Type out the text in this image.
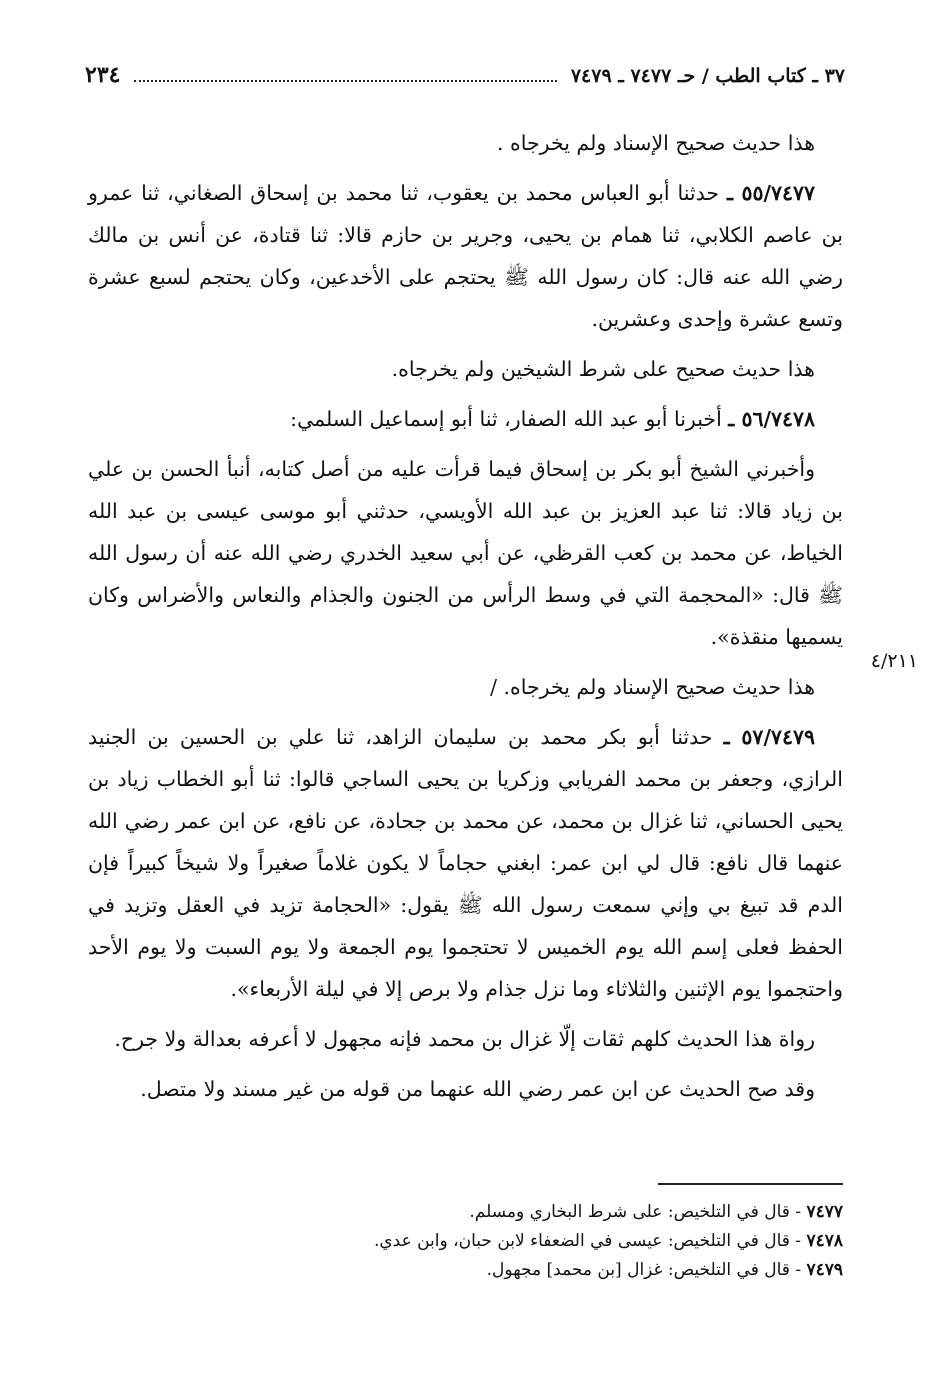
٣٧ ـ كتاب الطب / حـ ٧٤٧٧ ـ ٧٤٧٩
٢٣٤
٤/٢١١

هذا حديث صحيح الإسناد ولم يخرجاه .

٥٥/٧٤٧٧ ـ حدثنا أبو العباس محمد بن يعقوب، ثنا محمد بن إسحاق الصغاني، ثنا عمرو بن عاصم الكلابي، ثنا همام بن يحيى، وجرير بن حازم قالا: ثنا قتادة، عن أنس بن مالك رضي الله عنه قال: كان رسول الله ﷺ يحتجم على الأخدعين، وكان يحتجم لسبع عشرة وتسع عشرة وإحدى وعشرين.

هذا حديث صحيح على شرط الشيخين ولم يخرجاه.

٥٦/٧٤٧٨ ـ أخبرنا أبو عبد الله الصفار، ثنا أبو إسماعيل السلمي:

وأخبرني الشيخ أبو بكر بن إسحاق فيما قرأت عليه من أصل كتابه، أنبأ الحسن بن علي بن زياد قالا: ثنا عبد العزيز بن عبد الله الأويسي، حدثني أبو موسى عيسى بن عبد الله الخياط، عن محمد بن كعب القرظي، عن أبي سعيد الخدري رضي الله عنه أن رسول الله ﷺ قال: «المحجمة التي في وسط الرأس من الجنون والجذام والنعاس والأضراس وكان يسميها منقذة».

هذا حديث صحيح الإسناد ولم يخرجاه. /

٥٧/٧٤٧٩ ـ حدثنا أبو بكر محمد بن سليمان الزاهد، ثنا علي بن الحسين بن الجنيد الرازي، وجعفر بن محمد الفريابي وزكريا بن يحيى الساجي قالوا: ثنا أبو الخطاب زياد بن يحيى الحساني، ثنا غزال بن محمد، عن محمد بن جحادة، عن نافع، عن ابن عمر رضي الله عنهما قال نافع: قال لي ابن عمر: ابغني حجاماً لا يكون غلاماً صغيراً ولا شيخاً كبيراً فإن الدم قد تبيغ بي وإني سمعت رسول الله ﷺ يقول: «الحجامة تزيد في العقل وتزيد في الحفظ فعلى إسم الله يوم الخميس لا تحتجموا يوم الجمعة ولا يوم السبت ولا يوم الأحد واحتجموا يوم الإثنين والثلاثاء وما نزل جذام ولا برص إلا في ليلة الأربعاء».

رواة هذا الحديث كلهم ثقات إلّا غزال بن محمد فإنه مجهول لا أعرفه بعدالة ولا جرح.

وقد صح الحديث عن ابن عمر رضي الله عنهما من قوله من غير مسند ولا متصل.

٧٤٧٧ - قال في التلخيص: على شرط البخاري ومسلم.

٧٤٧٨ - قال في التلخيص: عيسى في الضعفاء لابن حبان، وابن عدي.

٧٤٧٩ - قال في التلخيص: غزال [بن محمد] مجهول.
